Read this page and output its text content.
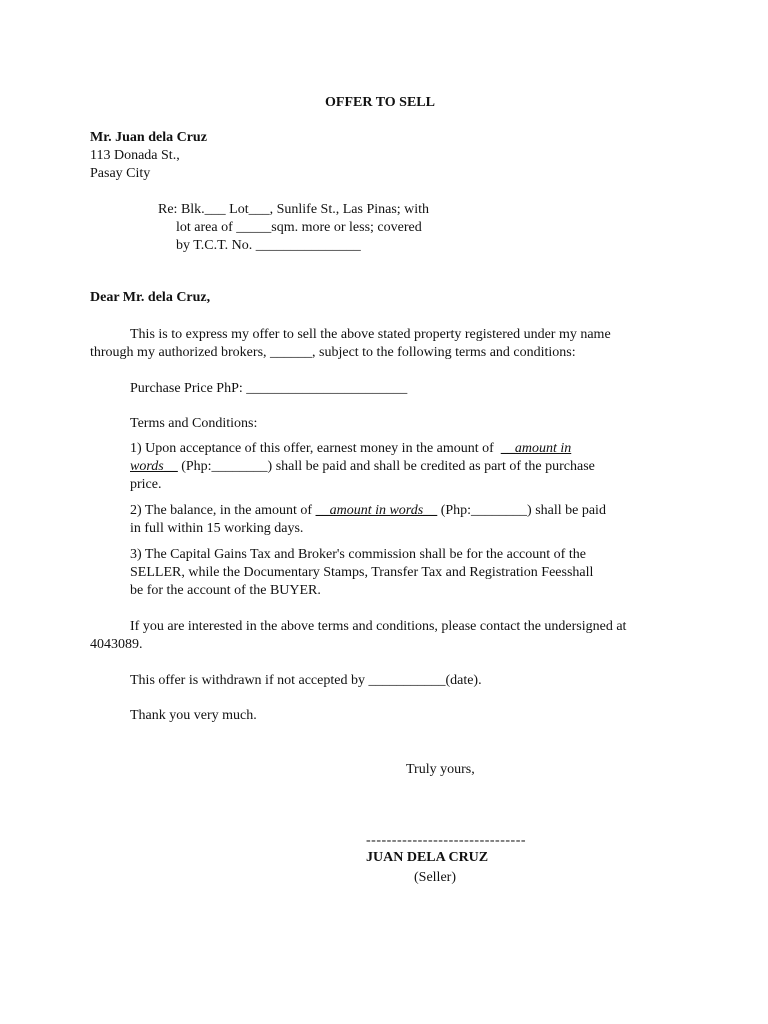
OFFER TO SELL
Mr. Juan dela Cruz
113 Donada St.,
Pasay City
Re: Blk.___ Lot___, Sunlife St., Las Pinas; with
lot area of _____sqm. more or less; covered
by T.C.T. No. _______________
Dear Mr. dela Cruz,
This is to express my offer to sell the above stated property registered under my name
through my authorized brokers, ______, subject to the following terms and conditions:
Purchase Price PhP: _______________________
Terms and Conditions:
1) Upon acceptance of this offer, earnest money in the amount of  __amount in
words__ (Php:________) shall be paid and shall be credited as part of the purchase
price.
2) The balance, in the amount of __amount in words__ (Php:________) shall be paid
in full within 15 working days.
3) The Capital Gains Tax and Broker's commission shall be for the account of the
SELLER, while the Documentary Stamps, Transfer Tax and Registration Feesshall
be for the account of the BUYER.
If you are interested in the above terms and conditions, please contact the undersigned at
4043089.
This offer is withdrawn if not accepted by ___________(date).
Thank you very much.
Truly yours,
-------------------------------
JUAN DELA CRUZ
(Seller)
